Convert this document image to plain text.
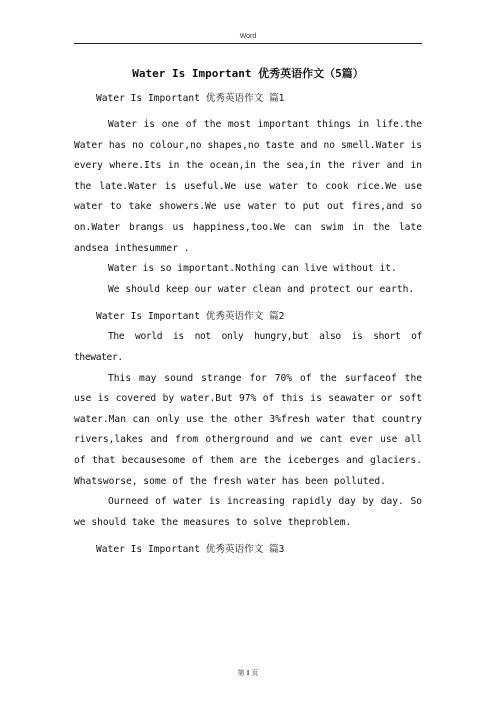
Word
Water Is Important 优秀英语作文（5篇）
Water Is Important 优秀英语作文 篇1

Water is one of the most important things in life.the Water has no colour,no shapes,no taste and no smell.Water is every where.Its in the ocean,in the sea,in the river and in the late.Water is useful.We use water to cook rice.We use water to take showers.We use water to put out fires,and so on.Water brangs us happiness,too.We can swim in the late andsea inthesummer .

Water is so important.Nothing can live without it.

We should keep our water clean and protect our earth.

Water Is Important 优秀英语作文 篇2

The world is not only hungry,but also is short of thewater.

This may sound strange for 70% of the surfaceof the use is covered by water.But 97% of this is seawater or soft water.Man can only use the other 3%fresh water that country rivers,lakes and from otherground and we cant ever use all of that becausesome of them are the iceberges and glaciers. Whatsworse, some of the fresh water has been polluted.

Ourneed of water is increasing rapidly day by day. So we should take the measures to solve theproblem.

Water Is Important 优秀英语作文 篇3
第 1 页
